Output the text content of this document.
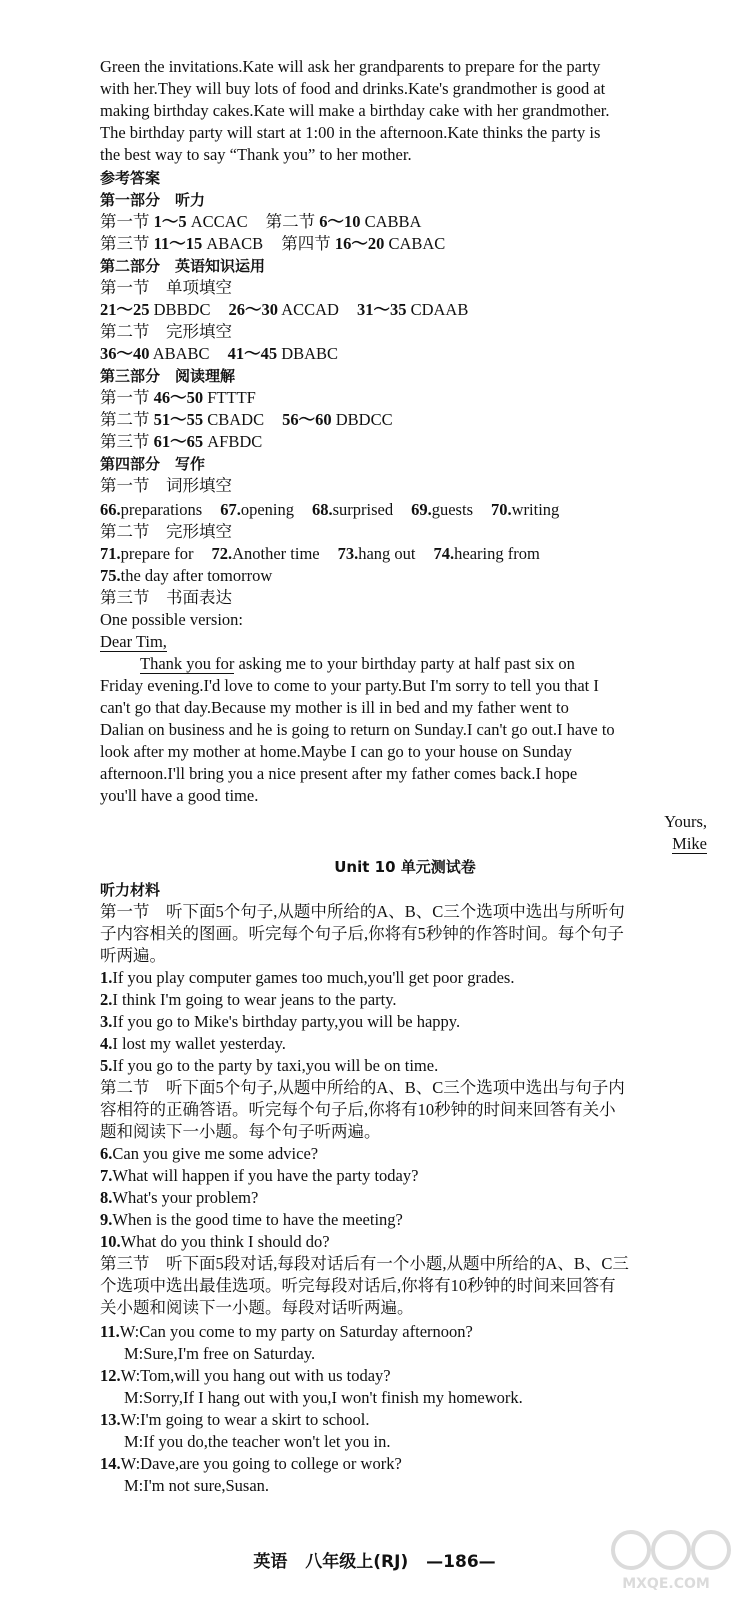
Green the invitations.Kate will ask her grandparents to prepare for the party
with her.They will buy lots of food and drinks.Kate's grandmother is good at
making birthday cakes.Kate will make a birthday cake with her grandmother.
The birthday party will start at 1:00 in the afternoon.Kate thinks the party is
the best way to say “Thank you” to her mother.
参考答案
第一部分　听力
第一节 1～5 ACCAC 第二节 6～10 CABBA
第三节 11～15 ABACB 第四节 16～20 CABAC
第二部分　英语知识运用
第一节　单项填空
21～25 DBBDC 26～30 ACCAD 31～35 CDAAB
第二节　完形填空
36～40 ABABC 41～45 DBABC
第三部分　阅读理解
第一节 46～50 FTTTF
第二节 51～55 CBADC 56～60 DBDCC
第三节 61～65 AFBDC
第四部分　写作
第一节　词形填空
66.preparations 67.opening 68.surprised 69.guests 70.writing
第二节　完形填空
71.prepare for 72.Another time 73.hang out 74.hearing from
75.the day after tomorrow
第三节　书面表达
One possible version:
Dear Tim,
Thank you for asking me to your birthday party at half past six on
Friday evening.I'd love to come to your party.But I'm sorry to tell you that I
can't go that day.Because my mother is ill in bed and my father went to
Dalian on business and he is going to return on Sunday.I can't go out.I have to
look after my mother at home.Maybe I can go to your house on Sunday
afternoon.I'll bring you a nice present after my father comes back.I hope
you'll have a good time.
Yours,
Mike
Unit 10 单元测试卷
听力材料
第一节　听下面5个句子,从题中所给的A、B、C三个选项中选出与所听句
子内容相关的图画。听完每个句子后,你将有5秒钟的作答时间。每个句子
听两遍。
1.If you play computer games too much,you'll get poor grades.
2.I think I'm going to wear jeans to the party.
3.If you go to Mike's birthday party,you will be happy.
4.I lost my wallet yesterday.
5.If you go to the party by taxi,you will be on time.
第二节　听下面5个句子,从题中所给的A、B、C三个选项中选出与句子内
容相符的正确答语。听完每个句子后,你将有10秒钟的时间来回答有关小
题和阅读下一小题。每个句子听两遍。
6.Can you give me some advice?
7.What will happen if you have the party today?
8.What's your problem?
9.When is the good time to have the meeting?
10.What do you think I should do?
第三节　听下面5段对话,每段对话后有一个小题,从题中所给的A、B、C三
个选项中选出最佳选项。听完每段对话后,你将有10秒钟的时间来回答有
关小题和阅读下一小题。每段对话听两遍。
11.W:Can you come to my party on Saturday afternoon?
M:Sure,I'm free on Saturday.
12.W:Tom,will you hang out with us today?
M:Sorry,If I hang out with you,I won't finish my homework.
13.W:I'm going to wear a skirt to school.
M:If you do,the teacher won't let you in.
14.W:Dave,are you going to college or work?
M:I'm not sure,Susan.
英语 八年级上(RJ) —186—
MXQE.COM
